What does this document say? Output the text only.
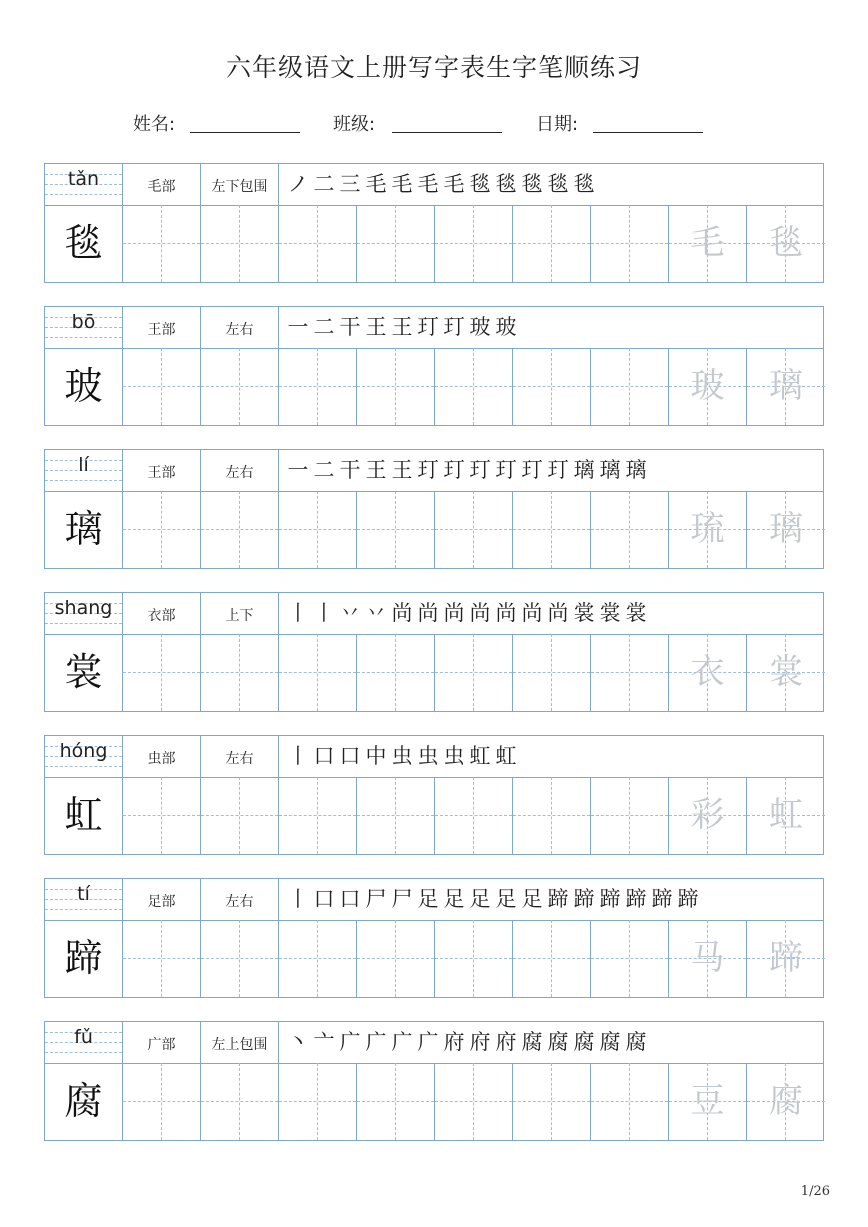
六年级语文上册写字表生字笔顺练习
姓名:	班级:	日期:
tǎn	毛部	左下包围 ノ 二 三 毛 毛 毛 毛 毯 毯 毯 毯 毯
毯	毛	毯
bō	王部	左右	一 二 干 王 王 玎 玎 玻 玻
玻	玻	璃
lí	王部	左右	一 二 干 王 王 玎 玎 玎 玎 玎 玎 璃 璃 璃
璃	琉	璃
shang	衣部	上下	丨 丨 丷 丷 尚 尚 尚 尚 尚 尚 尚 裳 裳 裳
裳	衣	裳
hóng	虫部	左右	丨 口 口 中 虫 虫 虫 虹 虹
虹	彩	虹
tí	足部	左右	丨 口 口 尸 尸 足 足 足 足 足 蹄 蹄 蹄 蹄 蹄 蹄
蹄	马	蹄
fǔ	广部	左上包围 丶 亠 广 广 广 广 府 府 府 腐 腐 腐 腐 腐
腐	豆	腐
1/26
